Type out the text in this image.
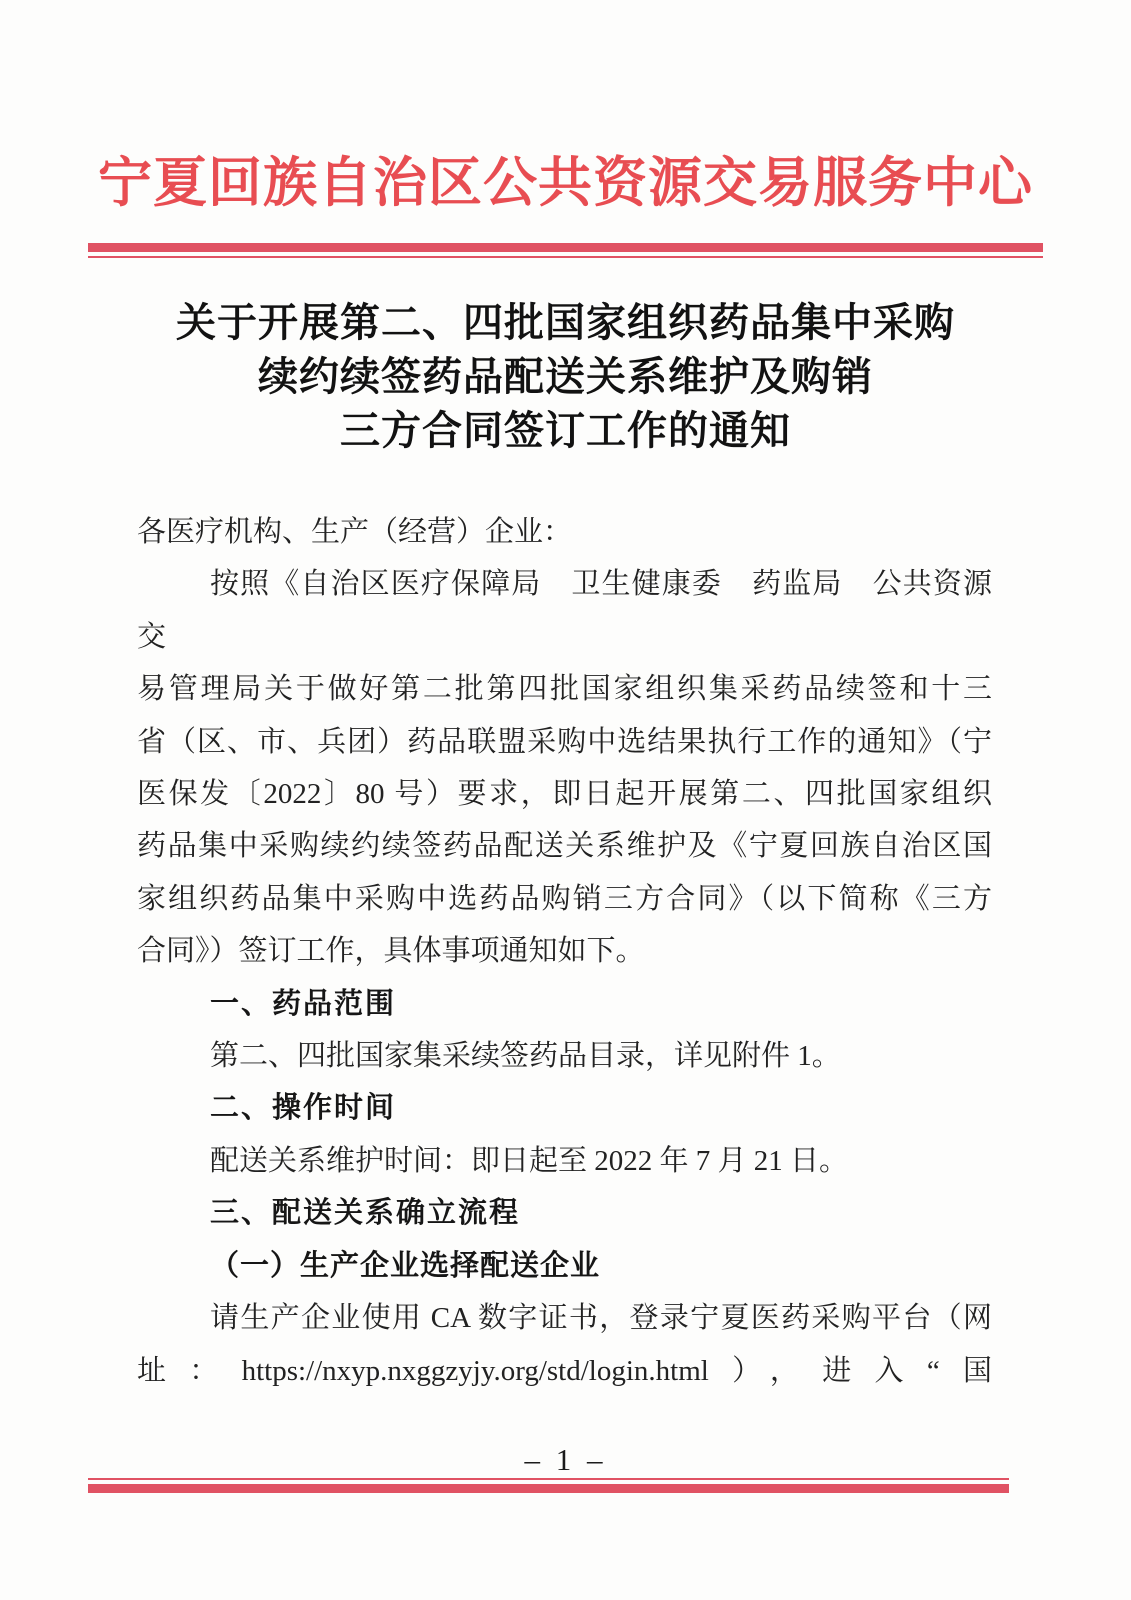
宁夏回族自治区公共资源交易服务中心
关于开展第二、四批国家组织药品集中采购
续约续签药品配送关系维护及购销
三方合同签订工作的通知
各医疗机构、生产（经营）企业：
按照《自治区医疗保障局　卫生健康委　药监局　公共资源交
易管理局关于做好第二批第四批国家组织集采药品续签和十三
省（区、市、兵团）药品联盟采购中选结果执行工作的通知》（宁
医保发〔2022〕80 号）要求，即日起开展第二、四批国家组织
药品集中采购续约续签药品配送关系维护及《宁夏回族自治区国
家组织药品集中采购中选药品购销三方合同》（以下简称《三方
合同》）签订工作，具体事项通知如下。
一、药品范围
第二、四批国家集采续签药品目录，详见附件 1。
二、操作时间
配送关系维护时间：即日起至 2022 年 7 月 21 日。
三、配送关系确立流程
（一）生产企业选择配送企业
请生产企业使用 CA 数字证书，登录宁夏医药采购平台（网
址：https://nxyp.nxggzyjy.org/std/login.html），进入“国
– 1 –
